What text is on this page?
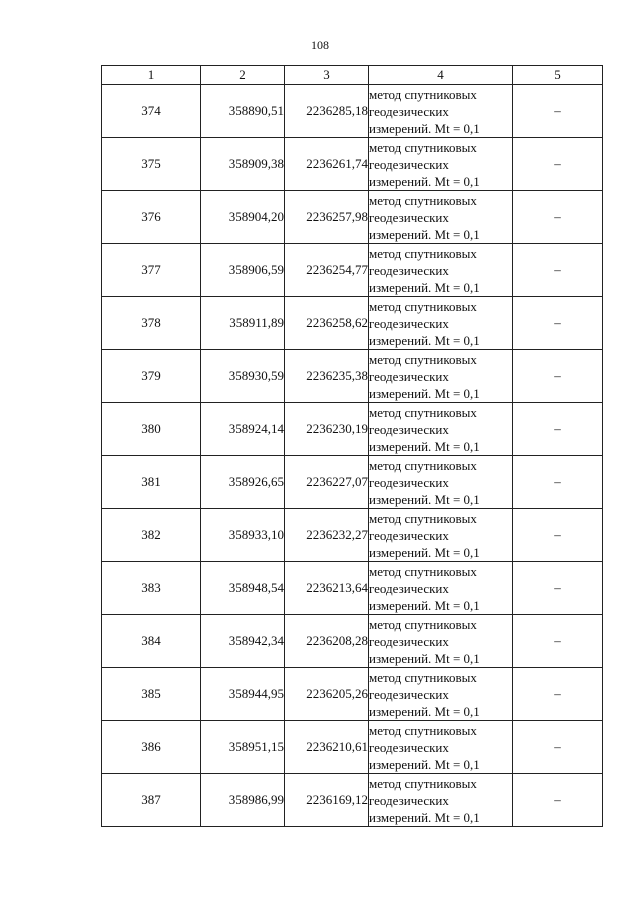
108
1	2	3	4	5
374	358890,51	2236285,18	метод спутниковых
геодезических
измерений. Mt = 0,1	–
375	358909,38	2236261,74	метод спутниковых
геодезических
измерений. Mt = 0,1	–
376	358904,20	2236257,98	метод спутниковых
геодезических
измерений. Mt = 0,1	–
377	358906,59	2236254,77	метод спутниковых
геодезических
измерений. Mt = 0,1	–
378	358911,89	2236258,62	метод спутниковых
геодезических
измерений. Mt = 0,1	–
379	358930,59	2236235,38	метод спутниковых
геодезических
измерений. Mt = 0,1	–
380	358924,14	2236230,19	метод спутниковых
геодезических
измерений. Mt = 0,1	–
381	358926,65	2236227,07	метод спутниковых
геодезических
измерений. Mt = 0,1	–
382	358933,10	2236232,27	метод спутниковых
геодезических
измерений. Mt = 0,1	–
383	358948,54	2236213,64	метод спутниковых
геодезических
измерений. Mt = 0,1	–
384	358942,34	2236208,28	метод спутниковых
геодезических
измерений. Mt = 0,1	–
385	358944,95	2236205,26	метод спутниковых
геодезических
измерений. Mt = 0,1	–
386	358951,15	2236210,61	метод спутниковых
геодезических
измерений. Mt = 0,1	–
387	358986,99	2236169,12	метод спутниковых
геодезических
измерений. Mt = 0,1	–
